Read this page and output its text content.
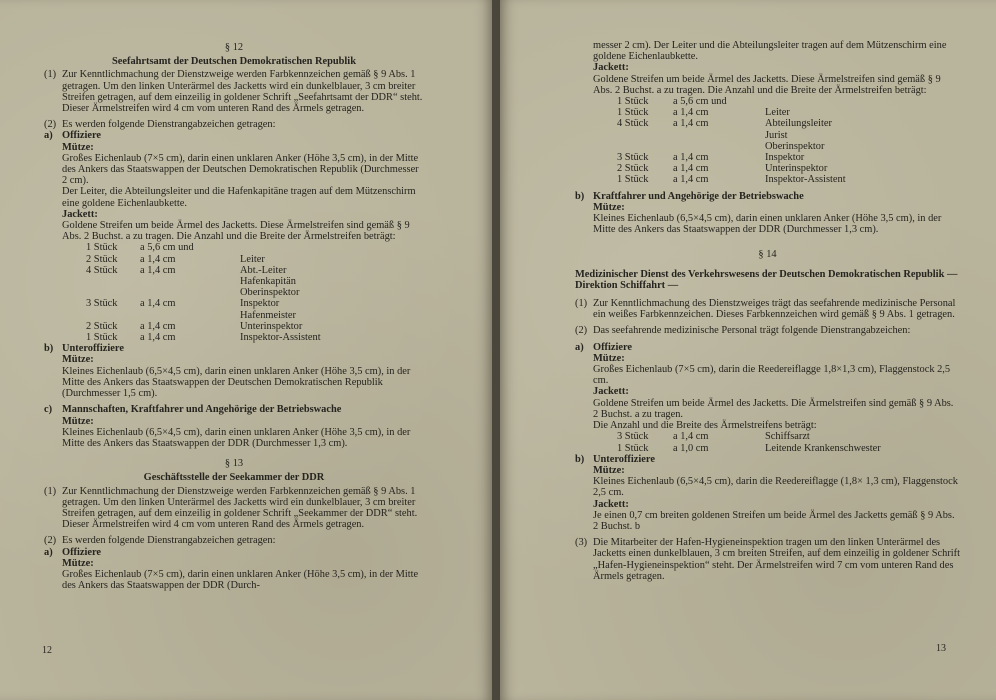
§ 12
Seefahrtsamt der Deutschen Demokratischen Republik
(1) Zur Kenntlichmachung der Dienstzweige werden Farbkennzeichen gemäß § 9 Abs. 1 getragen. Um den linken Unterärmel des Jacketts wird ein dunkelblauer, 3 cm breiter Streifen getragen, auf dem einzeilig in goldener Schrift „Seefahrtsamt der DDR“ steht. Dieser Ärmelstreifen wird 4 cm vom unteren Rand des Ärmels getragen.
(2) Es werden folgende Dienstrangabzeichen getragen:
a) Offiziere
Mütze:
Großes Eichenlaub (7×5 cm), darin einen unklaren Anker (Höhe 3,5 cm), in der Mitte des Ankers das Staatswappen der Deutschen Demokratischen Republik (Durchmesser 2 cm).
Der Leiter, die Abteilungsleiter und die Hafenkapitäne tragen auf dem Mützenschirm eine goldene Eichenlaubkette.
Jackett:
Goldene Streifen um beide Ärmel des Jacketts. Diese Ärmelstreifen sind gemäß § 9 Abs. 2 Buchst. a zu tragen. Die Anzahl und die Breite der Ärmelstreifen beträgt:
1 Stück	a 5,6 cm und
2 Stück	a 1,4 cm	Leiter
4 Stück	a 1,4 cm	Abt.-Leiter
Hafenkapitän
Oberinspektor
3 Stück	a 1,4 cm	Inspektor
Hafenmeister
2 Stück	a 1,4 cm	Unterinspektor
1 Stück	a 1,4 cm	Inspektor-Assistent
b) Unteroffiziere
Mütze:
Kleines Eichenlaub (6,5×4,5 cm), darin einen unklaren Anker (Höhe 3,5 cm), in der Mitte des Ankers das Staatswappen der Deutschen Demokratischen Republik (Durchmesser 1,5 cm).
c) Mannschaften, Kraftfahrer und Angehörige der Betriebswache
Mütze:
Kleines Eichenlaub (6,5×4,5 cm), darin einen unklaren Anker (Höhe 3,5 cm), in der Mitte des Ankers das Staatswappen der DDR (Durchmesser 1,3 cm).
§ 13
Geschäftsstelle der Seekammer der DDR
(1) Zur Kenntlichmachung der Dienstzweige werden Farbkennzeichen gemäß § 9 Abs. 1 getragen. Um den linken Unterärmel des Jacketts wird ein dunkelblauer, 3 cm breiter Streifen getragen, auf dem einzeilig in goldener Schrift „Seekammer der DDR“ steht. Dieser Ärmelstreifen wird 4 cm vom unteren Rand des Ärmels getragen.
(2) Es werden folgende Dienstrangabzeichen getragen:
a) Offiziere
Mütze:
Großes Eichenlaub (7×5 cm), darin einen unklaren Anker (Höhe 3,5 cm), in der Mitte des Ankers das Staatswappen der DDR (Durch-
12
messer 2 cm). Der Leiter und die Abteilungsleiter tragen auf dem Mützenschirm eine goldene Eichenlaubkette.
Jackett:
Goldene Streifen um beide Ärmel des Jacketts. Diese Ärmelstreifen sind gemäß § 9 Abs. 2 Buchst. a zu tragen. Die Anzahl und die Breite der Ärmelstreifen beträgt:
1 Stück	a 5,6 cm und
1 Stück	a 1,4 cm	Leiter
4 Stück	a 1,4 cm	Abteilungsleiter
Jurist
Oberinspektor
3 Stück	a 1,4 cm	Inspektor
2 Stück	a 1,4 cm	Unterinspektor
1 Stück	a 1,4 cm	Inspektor-Assistent
b) Kraftfahrer und Angehörige der Betriebswache
Mütze:
Kleines Eichenlaub (6,5×4,5 cm), darin einen unklaren Anker (Höhe 3,5 cm), in der Mitte des Ankers das Staatswappen der DDR (Durchmesser 1,3 cm).
§ 14
Medizinischer Dienst des Verkehrswesens der Deutschen Demokratischen Republik — Direktion Schiffahrt —
(1) Zur Kenntlichmachung des Dienstzweiges trägt das seefahrende medizinische Personal ein weißes Farbkennzeichen. Dieses Farbkennzeichen wird gemäß § 9 Abs. 1 getragen.
(2) Das seefahrende medizinische Personal trägt folgende Dienstrangabzeichen:
a) Offiziere
Mütze:
Großes Eichenlaub (7×5 cm), darin die Reedereiflagge 1,8×1,3 cm), Flaggenstock 2,5 cm.
Jackett:
Goldene Streifen um beide Ärmel des Jacketts. Die Ärmelstreifen sind gemäß § 9 Abs. 2 Buchst. a zu tragen.
Die Anzahl und die Breite des Ärmelstreifens beträgt:
3 Stück	a 1,4 cm	Schiffsarzt
1 Stück	a 1,0 cm	Leitende Krankenschwester
b) Unteroffiziere
Mütze:
Kleines Eichenlaub (6,5×4,5 cm), darin die Reedereiflagge (1,8× 1,3 cm), Flaggenstock 2,5 cm.
Jackett:
Je einen 0,7 cm breiten goldenen Streifen um beide Ärmel des Jacketts gemäß § 9 Abs. 2 Buchst. b
(3) Die Mitarbeiter der Hafen-Hygieneinspektion tragen um den linken Unterärmel des Jacketts einen dunkelblauen, 3 cm breiten Streifen, auf dem einzeilig in goldener Schrift „Hafen-Hygieneinspektion“ steht. Der Ärmelstreifen wird 7 cm vom unteren Rand des Ärmels getragen.
13
